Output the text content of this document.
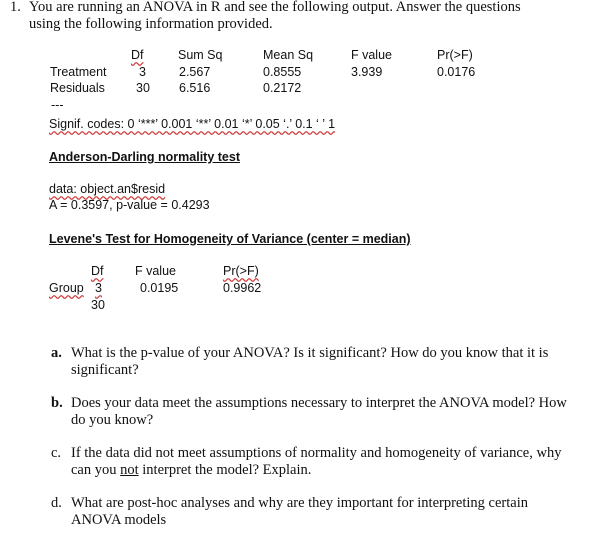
1. You are running an ANOVA in R and see the following output. Answer the questions
using the following information provided.
Df	Sum Sq	Mean Sq	F value	Pr(>F)
Treatment	3	2.567	0.8555	3.939	0.0176
Residuals 30 6.516	0.2172
---
Signif. codes: 0 ‘***’ 0.001 ‘**’ 0.01 ‘*’ 0.05 ‘.’ 0.1 ‘ ’ 1
Anderson-Darling normality test
data: object.an$resid
A = 0.3597, p-value = 0.4293
Levene's Test for Homogeneity of Variance (center = median)
Df	F value	Pr(>F)
Group 3	0.0195	0.9962
30
a. What is the p-value of your ANOVA? Is it significant? How do you know that it is
significant?
b. Does your data meet the assumptions necessary to interpret the ANOVA model? How
do you know?
c. If the data did not meet assumptions of normality and homogeneity of variance, why
can you not interpret the model? Explain.
d. What are post-hoc analyses and why are they important for interpreting certain
ANOVA models
